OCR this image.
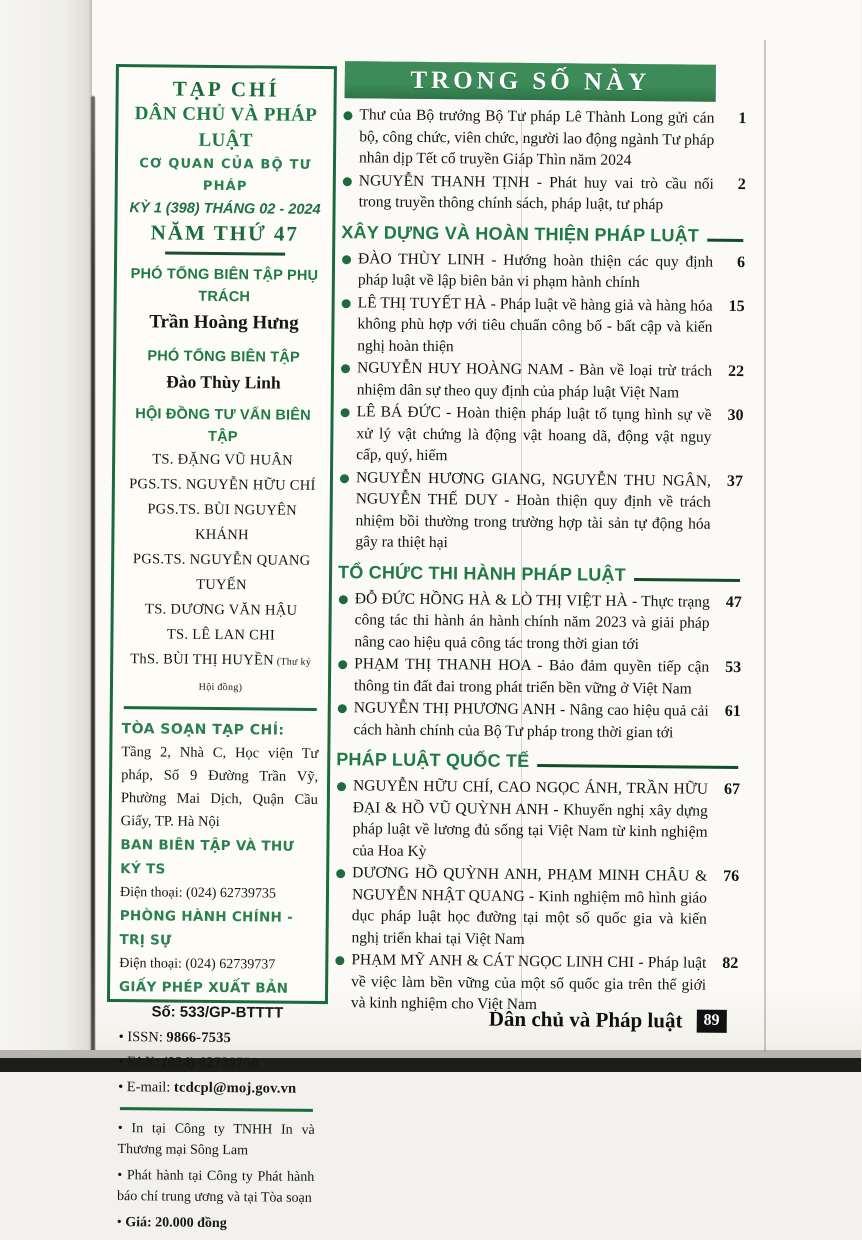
TẠP CHÍ
DÂN CHỦ VÀ PHÁP LUẬT
CƠ QUAN CỦA BỘ TƯ PHÁP
KỲ 1 (398) THÁNG 02 - 2024
NĂM THỨ 47
PHÓ TỔNG BIÊN TẬP PHỤ TRÁCH
Trần Hoàng Hưng
PHÓ TỔNG BIÊN TẬP
Đào Thùy Linh
HỘI ĐỒNG TƯ VẤN BIÊN TẬP
TS. ĐẶNG VŨ HUÂN
PGS.TS. NGUYỄN HỮU CHÍ
PGS.TS. BÙI NGUYÊN KHÁNH
PGS.TS. NGUYỄN QUANG TUYẾN
TS. DƯƠNG VĂN HẬU
TS. LÊ LAN CHI
ThS. BÙI THỊ HUYỀN (Thư ký Hội đồng)
TÒA SOẠN TẠP CHÍ:
Tầng 2, Nhà C, Học viện Tư pháp, Số 9 Đường Trần Vỹ, Phường Mai Dịch, Quận Cầu Giấy, TP. Hà Nội
BAN BIÊN TẬP VÀ THƯ KÝ TS
Điện thoại: (024) 62739735
PHÒNG HÀNH CHÍNH - TRỊ SỰ
Điện thoại: (024) 62739737
GIẤY PHÉP XUẤT BẢN
Số: 533/GP-BTTTT
• ISSN: 9866-7535
• FAX: (024) 62739750
• E-mail: tcdcpl@moj.gov.vn
• In tại Công ty TNHH In và Thương mại Sông Lam
• Phát hành tại Công ty Phát hành báo chí trung ương và tại Tòa soạn
• Giá: 20.000 đồng
TRONG SỐ NÀY
Thư của Bộ trưởng Bộ Tư pháp Lê Thành Long gửi cán bộ, công chức, viên chức, người lao động ngành Tư pháp nhân dịp Tết cổ truyền Giáp Thìn năm 2024
1
NGUYỄN THANH TỊNH - Phát huy vai trò cầu nối trong truyền thông chính sách, pháp luật, tư pháp
2
XÂY DỰNG VÀ HOÀN THIỆN PHÁP LUẬT
ĐÀO THÙY LINH - Hướng hoàn thiện các quy định pháp luật về lập biên bản vi phạm hành chính
6
LÊ THỊ TUYẾT HÀ - Pháp luật về hàng giả và hàng hóa không phù hợp với tiêu chuẩn công bố - bất cập và kiến nghị hoàn thiện
15
NGUYỄN HUY HOÀNG NAM - Bàn về loại trừ trách nhiệm dân sự theo quy định của pháp luật Việt Nam
22
LÊ BÁ ĐỨC - Hoàn thiện pháp luật tố tụng hình sự về xử lý vật chứng là động vật hoang dã, động vật nguy cấp, quý, hiếm
30
NGUYỄN HƯƠNG GIANG, NGUYỄN THU NGÂN, NGUYỄN THẾ DUY - Hoàn thiện quy định về trách nhiệm bồi thường trong trường hợp tài sản tự động hóa gây ra thiệt hại
37
TỔ CHỨC THI HÀNH PHÁP LUẬT
ĐỖ ĐỨC HỒNG HÀ & LÒ THỊ VIỆT HÀ - Thực trạng công tác thi hành án hành chính năm 2023 và giải pháp nâng cao hiệu quả công tác trong thời gian tới
47
PHẠM THỊ THANH HOA - Bảo đảm quyền tiếp cận thông tin đất đai trong phát triển bền vững ở Việt Nam
53
NGUYỄN THỊ PHƯƠNG ANH - Nâng cao hiệu quả cải cách hành chính của Bộ Tư pháp trong thời gian tới
61
PHÁP LUẬT QUỐC TẾ
NGUYỄN HỮU CHÍ, CAO NGỌC ÁNH, TRẦN HỮU ĐẠI & HỒ VŨ QUỲNH ANH - Khuyến nghị xây dựng pháp luật về lương đủ sống tại Việt Nam từ kinh nghiệm của Hoa Kỳ
67
DƯƠNG HỒ QUỲNH ANH, PHẠM MINH CHÂU & NGUYỄN NHẬT QUANG - Kinh nghiệm mô hình giáo dục pháp luật học đường tại một số quốc gia và kiến nghị triển khai tại Việt Nam
76
PHẠM MỸ ANH & CÁT NGỌC LINH CHI - Pháp luật về việc làm bền vững của một số quốc gia trên thế giới và kinh nghiệm cho Việt Nam
82
Dân chủ và Pháp luật	89
